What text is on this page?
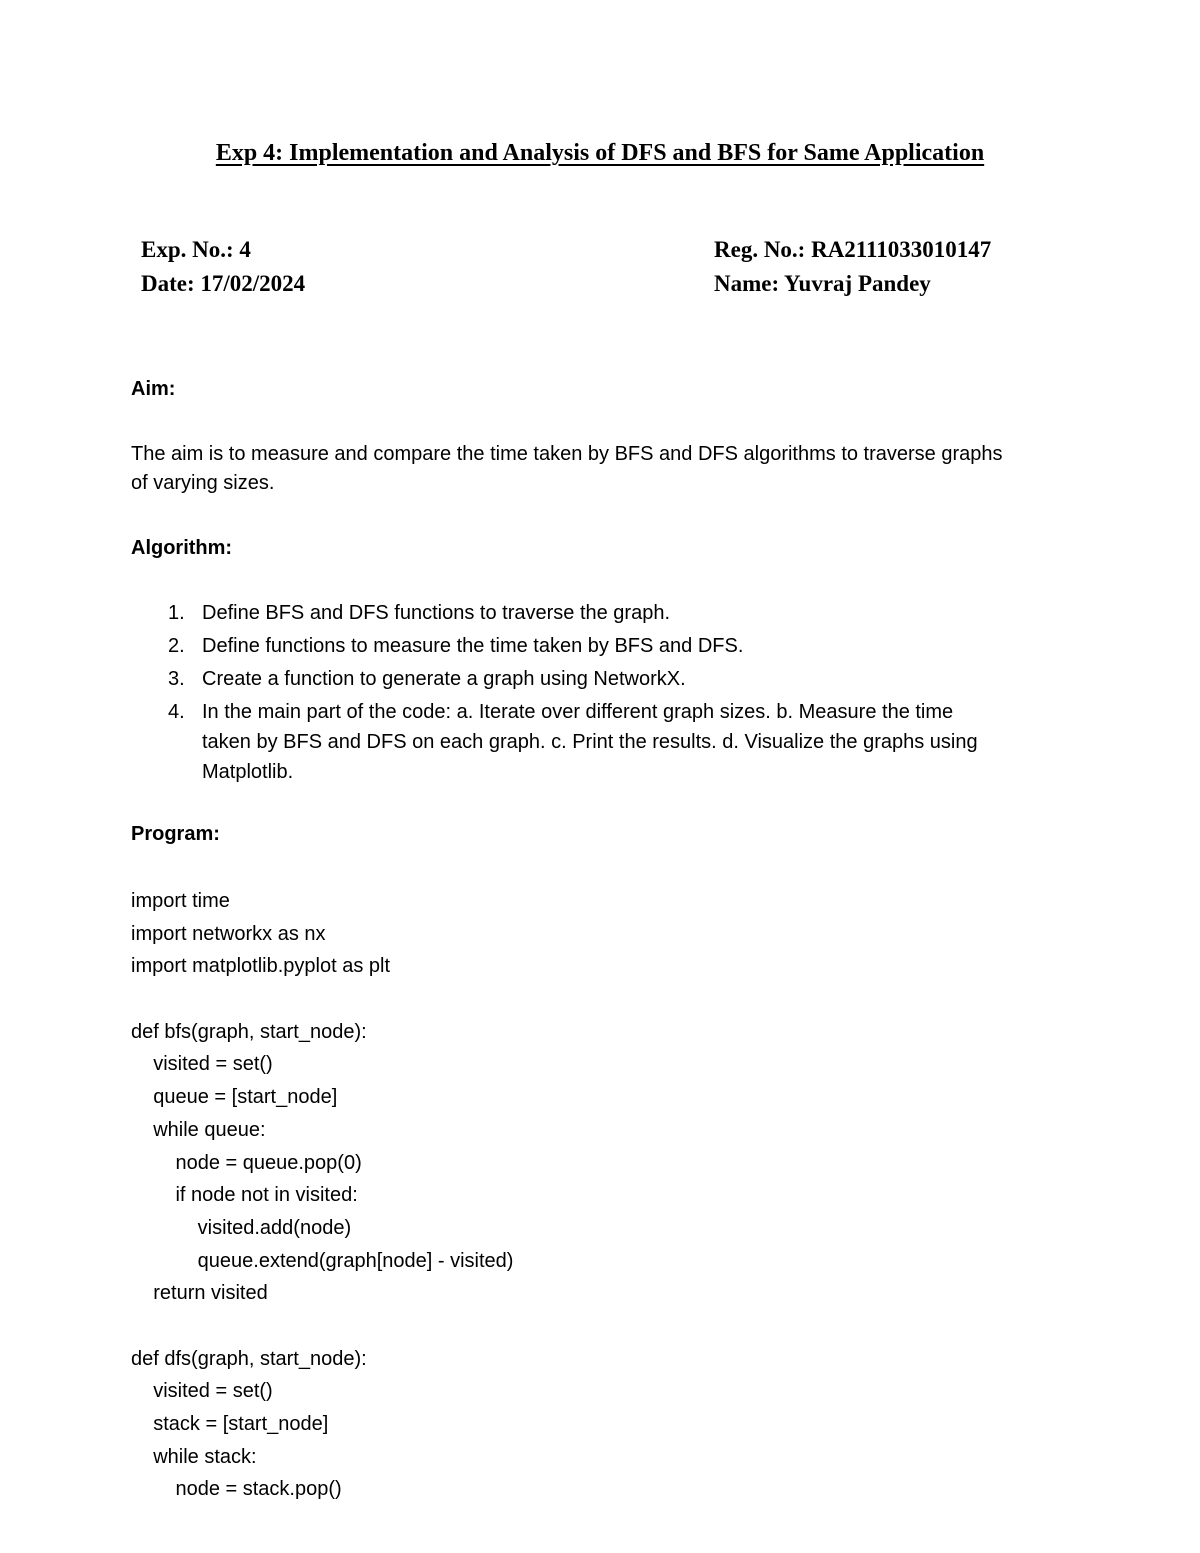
Exp 4: Implementation and Analysis of DFS and BFS for Same Application
Exp. No.: 4
Date: 17/02/2024
Reg. No.: RA2111033010147
Name: Yuvraj Pandey
Aim:
The aim is to measure and compare the time taken by BFS and DFS algorithms to traverse graphs
of varying sizes.
Algorithm:
1. Define BFS and DFS functions to traverse the graph.
2. Define functions to measure the time taken by BFS and DFS.
3. Create a function to generate a graph using NetworkX.
4. In the main part of the code: a. Iterate over different graph sizes. b. Measure the time
taken by BFS and DFS on each graph. c. Print the results. d. Visualize the graphs using
Matplotlib.
Program:
import time
import networkx as nx
import matplotlib.pyplot as plt
def bfs(graph, start_node):
visited = set()
queue = [start_node]
while queue:
node = queue.pop(0)
if node not in visited:
visited.add(node)
queue.extend(graph[node] - visited)
return visited
def dfs(graph, start_node):
visited = set()
stack = [start_node]
while stack:
node = stack.pop()
